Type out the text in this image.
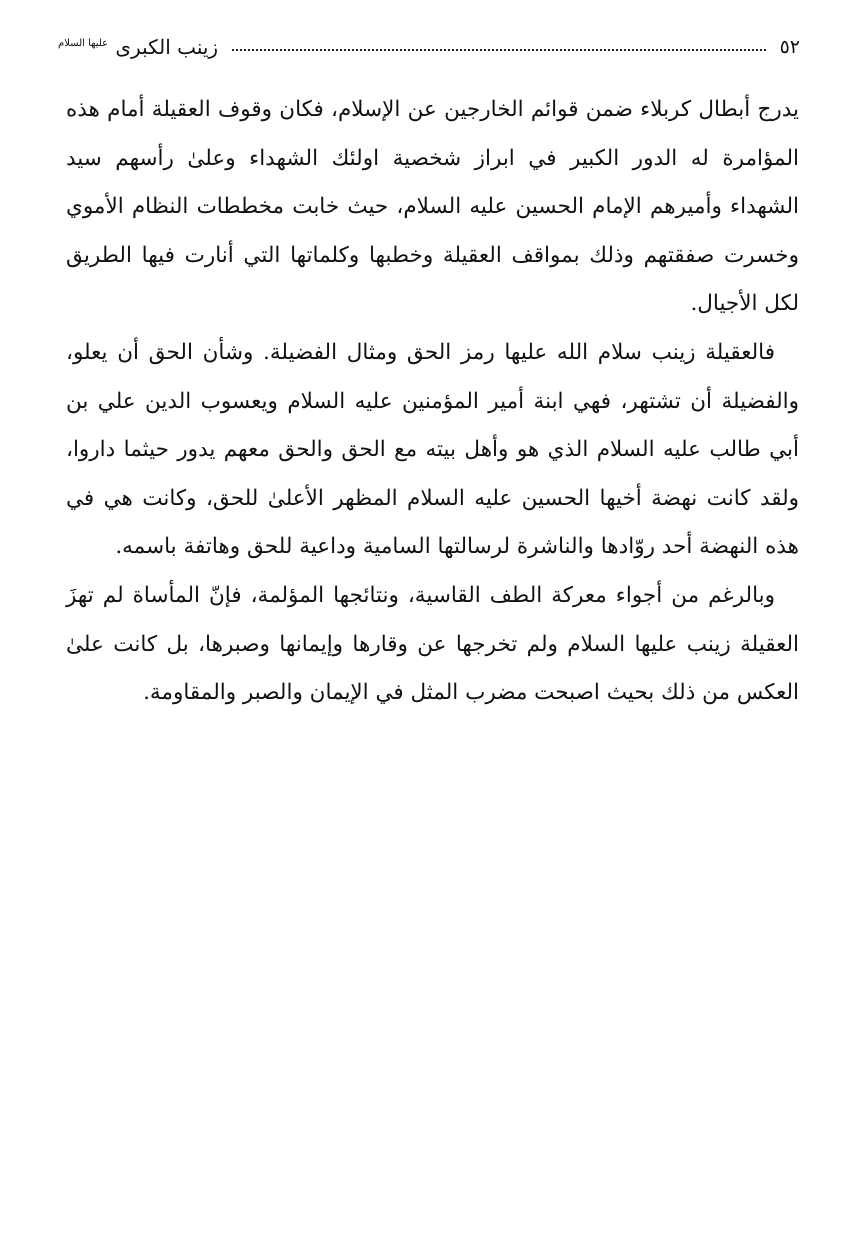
٥٢
زينب الكبرى $^{عليها السلام}$

يدرج أبطال كربلاء ضمن قوائم الخارجين عن الإسلام، فكان وقوف العقيلة أمام هذه المؤامرة له الدور الكبير في ابراز شخصية اولئك الشهداء وعلىٰ رأسهم سيد الشهداء وأميرهم الإمام الحسين عليه السلام، حيث خابت مخططات النظام الأموي وخسرت صفقتهم وذلك بمواقف العقيلة وخطبها وكلماتها التي أنارت فيها الطريق لكل الأجيال.

فالعقيلة زينب سلام الله عليها رمز الحق ومثال الفضيلة. وشأن الحق أن يعلو، والفضيلة أن تشتهر، فهي ابنة أمير المؤمنين عليه السلام ويعسوب الدين علي بن أبي طالب عليه السلام الذي هو وأهل بيته مع الحق والحق معهم يدور حيثما داروا، ولقد كانت نهضة أخيها الحسين عليه السلام المظهر الأعلىٰ للحق، وكانت هي في هذه النهضة أحد روّادها والناشرة لرسالتها السامية وداعية للحق وهاتفة باسمه.

وبالرغم من أجواء معركة الطف القاسية، ونتائجها المؤلمة، فإنّ المأساة لم تهزَ العقيلة زينب عليها السلام ولم تخرجها عن وقارها وإيمانها وصبرها، بل كانت علىٰ العكس من ذلك بحيث اصبحت مضرب المثل في الإيمان والصبر والمقاومة.
